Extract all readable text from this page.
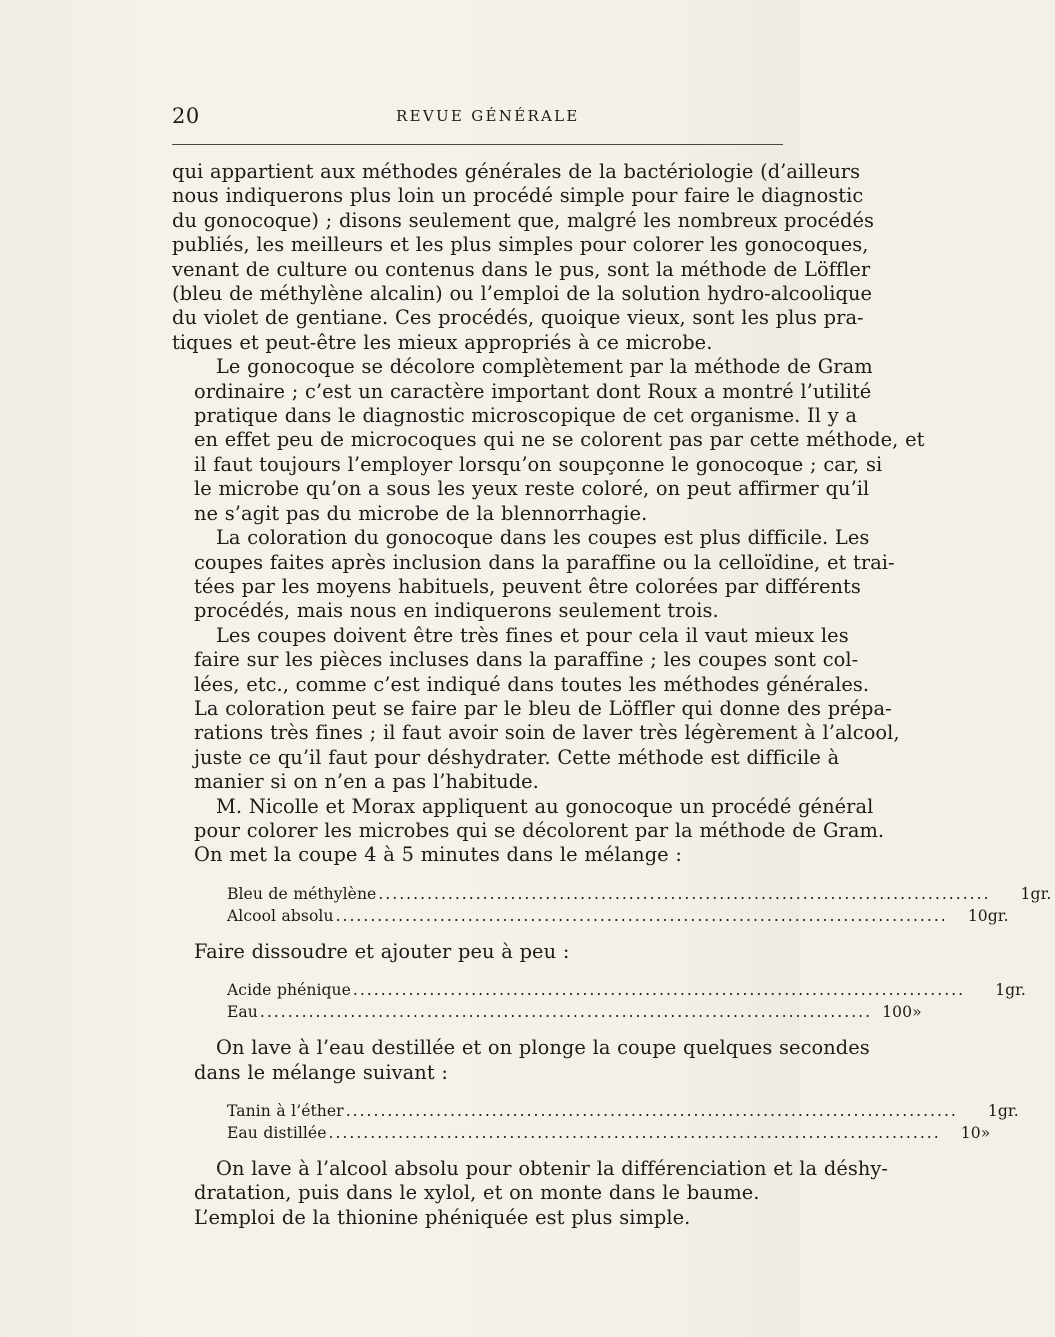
20	REVUE GÉNÉRALE

qui appartient aux méthodes générales de la bactériologie (d’ailleurs
nous indiquerons plus loin un procédé simple pour faire le diagnostic
du gonocoque) ; disons seulement que, malgré les nombreux procédés
publiés, les meilleurs et les plus simples pour colorer les gonocoques,
venant de culture ou contenus dans le pus, sont la méthode de Löffler
(bleu de méthylène alcalin) ou l’emploi de la solution hydro-alcoolique
du violet de gentiane. Ces procédés, quoique vieux, sont les plus pra-
tiques et peut-être les mieux appropriés à ce microbe.

Le gonocoque se décolore complètement par la méthode de Gram
ordinaire ; c’est un caractère important dont Roux a montré l’utilité
pratique dans le diagnostic microscopique de cet organisme. Il y a
en effet peu de microcoques qui ne se colorent pas par cette méthode, et
il faut toujours l’employer lorsqu’on soupçonne le gonocoque ; car, si
le microbe qu’on a sous les yeux reste coloré, on peut affirmer qu’il
ne s’agit pas du microbe de la blennorrhagie.

La coloration du gonocoque dans les coupes est plus difficile. Les
coupes faites après inclusion dans la paraffine ou la celloïdine, et trai-
tées par les moyens habituels, peuvent être colorées par différents
procédés, mais nous en indiquerons seulement trois.

Les coupes doivent être très fines et pour cela il vaut mieux les
faire sur les pièces incluses dans la paraffine ; les coupes sont col-
lées, etc., comme c’est indiqué dans toutes les méthodes générales.
La coloration peut se faire par le bleu de Löffler qui donne des prépa-
rations très fines ; il faut avoir soin de laver très légèrement à l’alcool,
juste ce qu’il faut pour déshydrater. Cette méthode est difficile à
manier si on n’en a pas l’habitude.

M. Nicolle et Morax appliquent au gonocoque un procédé général
pour colorer les microbes qui se décolorent par la méthode de Gram.
On met la coupe 4 à 5 minutes dans le mélange :

Bleu de méthylène ........................................................................................	1 gr.
Alcool absolu ........................................................................................	10 gr.

Faire dissoudre et ajouter peu à peu :

Acide phénique ........................................................................................	1 gr.
Eau ........................................................................................ 100 »

On lave à l’eau destillée et on plonge la coupe quelques secondes
dans le mélange suivant :

Tanin à l’éther ........................................................................................	1 gr.
Eau distillée ........................................................................................	10 »

On lave à l’alcool absolu pour obtenir la différenciation et la déshy-
dratation, puis dans le xylol, et on monte dans le baume.

L’emploi de la thionine phéniquée est plus simple.
